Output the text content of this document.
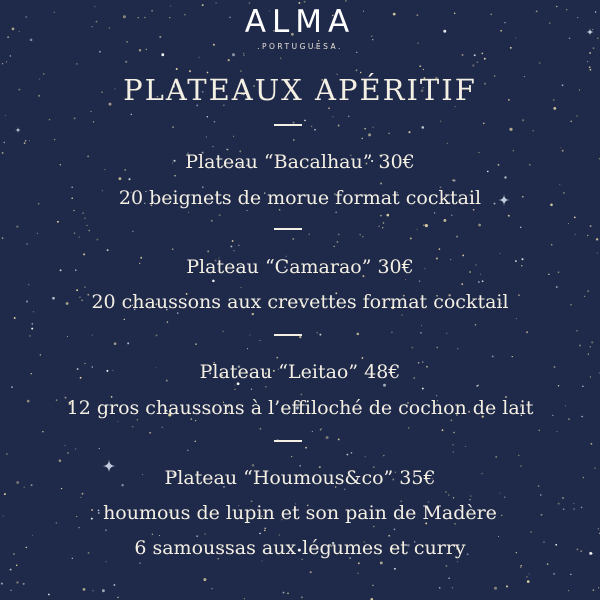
ALMA
.PORTUGUESA.
PLATEAUX APÉRITIF
Plateau “Bacalhau” 30€
20 beignets de morue format cocktail
Plateau “Camarao” 30€
20 chaussons aux crevettes format cocktail
Plateau “Leitao” 48€
12 gros chaussons à l’effiloché de cochon de lait
Plateau “Houmous&co” 35€
houmous de lupin et son pain de Madère
6 samoussas aux légumes et curry
